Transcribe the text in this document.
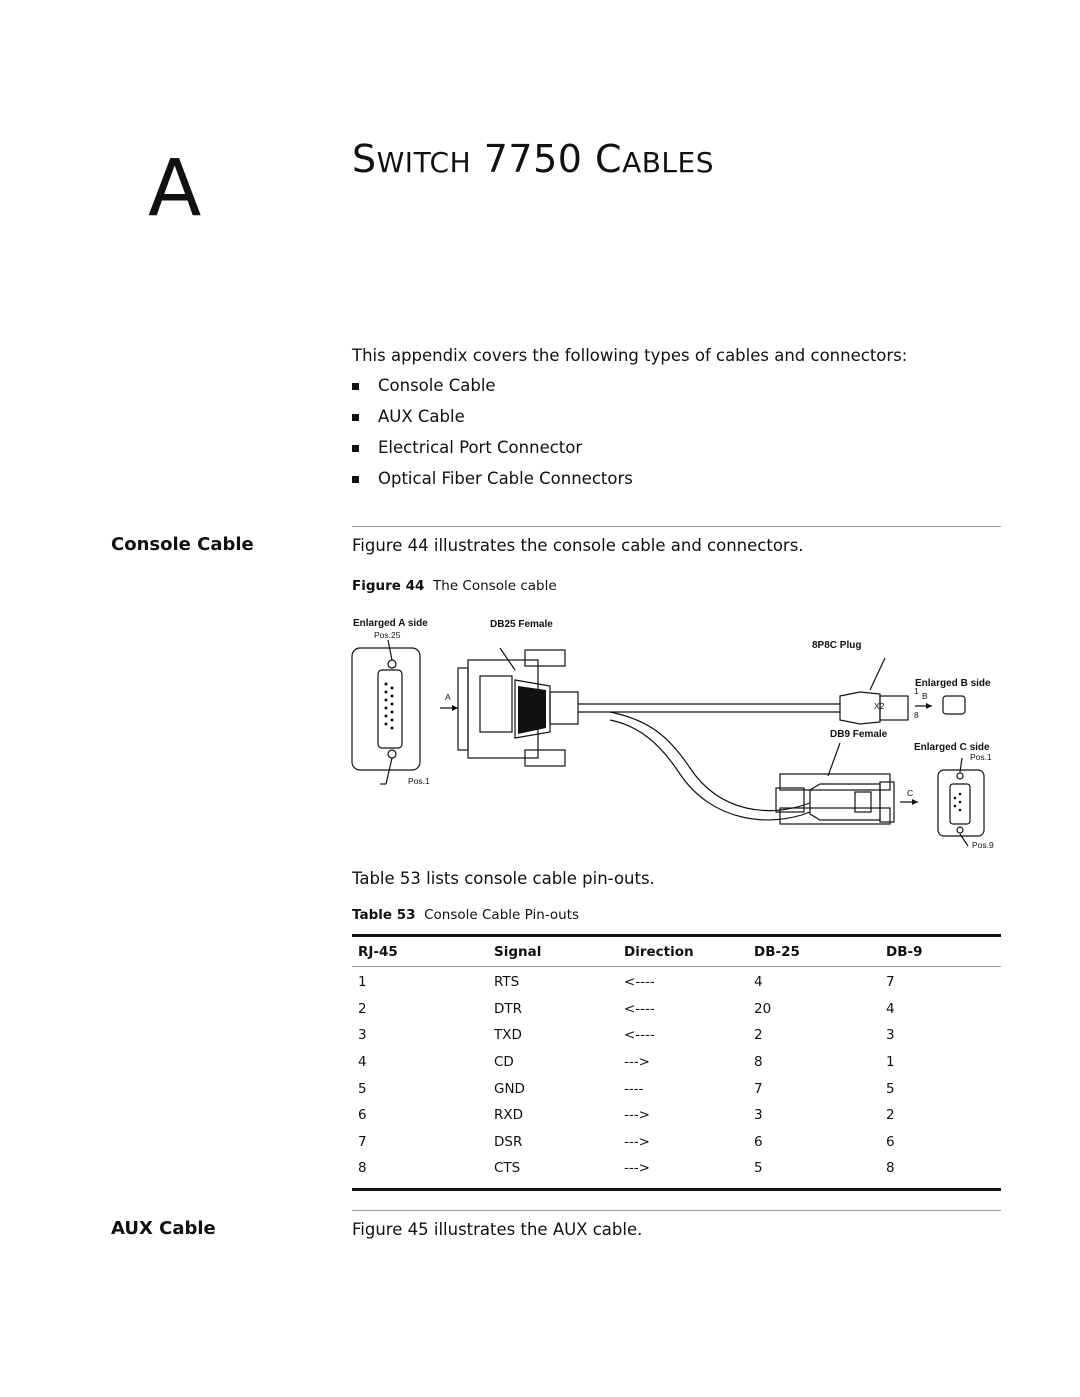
A	SWITCH 7750 CABLES
This appendix covers the following types of cables and connectors:
Console Cable
AUX Cable
Electrical Port Connector
Optical Fiber Cable Connectors
Console Cable	Figure 44 illustrates the console cable and connectors.
Figure 44 The Console cable
Enlarged A side
Pos.25
Pos.1
DB25 Female
8P8C Plug
Enlarged B side
DB9 Female
Enlarged C side
Pos.1
Pos.9
A	B
C
X2
1
8
Table 53 lists console cable pin-outs.
Table 53 Console Cable Pin-outs
RJ-45	Signal	Direction	DB-25	DB-9
1	RTS	<----	4	7
2	DTR	<----	20	4
3	TXD	<----	2	3
4	CD	--->	8	1
5	GND	----	7	5
6	RXD	--->	3	2
7	DSR	--->	6	6
8	CTS	--->	5	8
AUX Cable	Figure 45 illustrates the AUX cable.
